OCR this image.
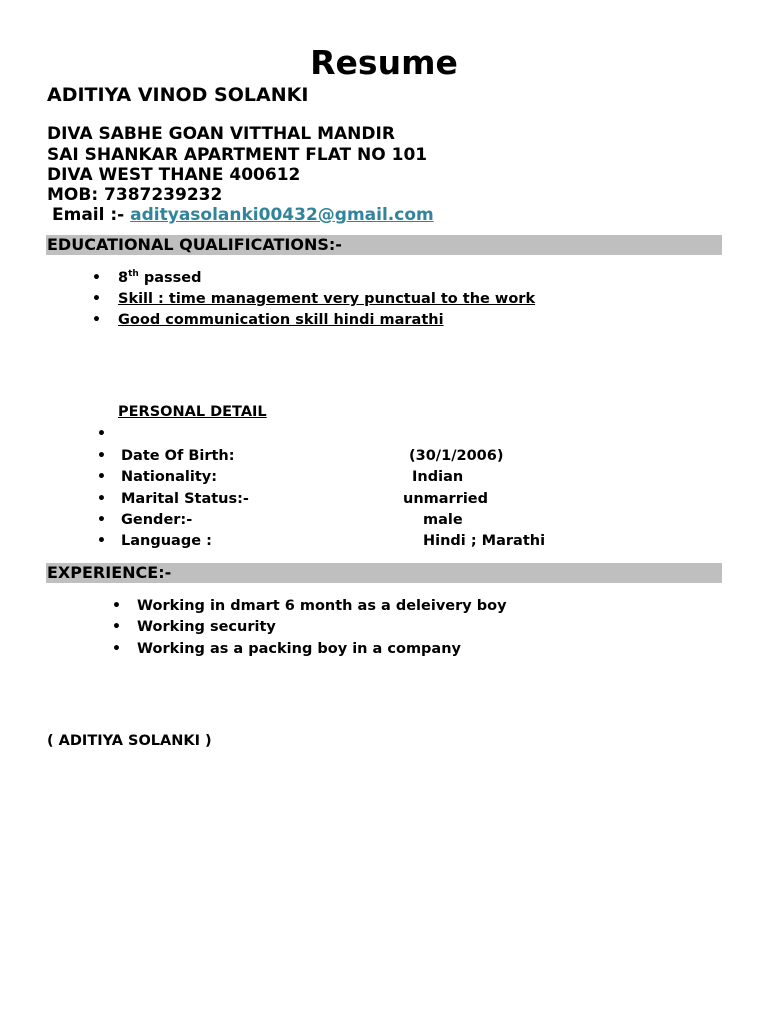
Resume
ADITIYA VINOD SOLANKI
DIVA SABHE GOAN VITTHAL MANDIR
SAI SHANKAR APARTMENT FLAT NO 101
DIVA WEST THANE 400612
MOB: 7387239232
Email :- adityasolanki00432@gmail.com
EDUCATIONAL QUALIFICATIONS:-
• 8th passed
• Skill : time management very punctual to the work
• Good communication skill hindi marathi
PERSONAL DETAIL
•
• Date Of Birth:	(30/1/2006)
• Nationality:	Indian
• Marital Status:-	unmarried
• Gender:-	male
• Language :	Hindi ; Marathi
EXPERIENCE:-
• Working in dmart 6 month as a deleivery boy
• Working security
• Working as a packing boy in a company
( ADITIYA SOLANKI )
